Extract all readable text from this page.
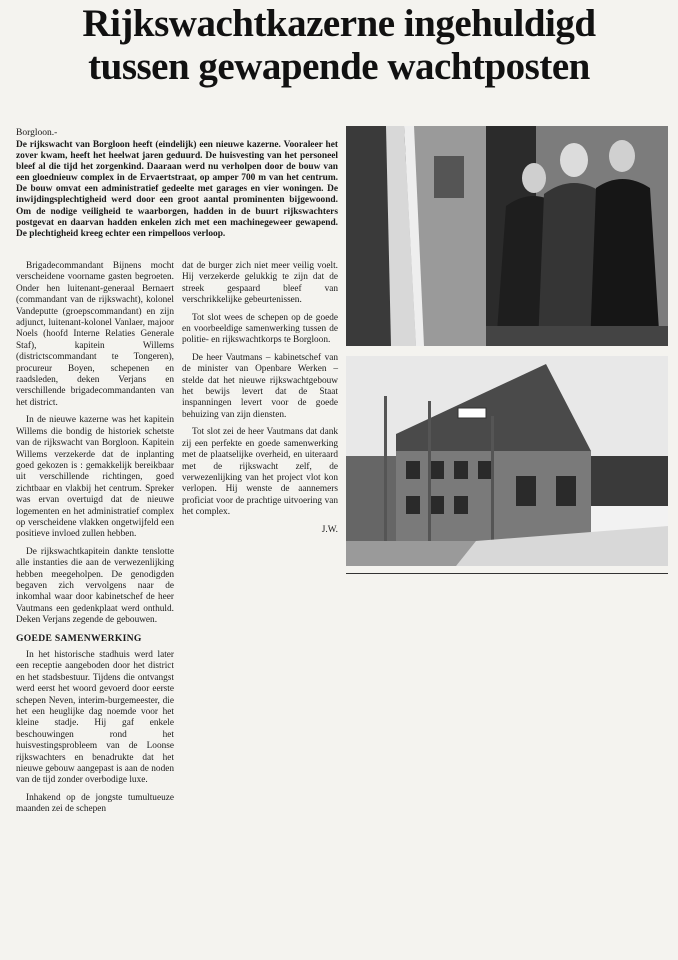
Rijkswachtkazerne ingehuldigd
tussen gewapende wachtposten
Borgloon.-

De rijkswacht van Borgloon heeft (eindelijk) een nieuwe kazerne. Vooraleer het zover kwam, heeft het heelwat jaren geduurd. De huisvesting van het personeel bleef al die tijd het zorgenkind. Daaraan werd nu verholpen door de bouw van een gloednieuw complex in de Ervaertstraat, op amper 700 m van het centrum. De bouw omvat een administratief gedeelte met garages en vier woningen. De inwijdingsplechtigheid werd door een groot aantal prominenten bijgewoond. Om de nodige veiligheid te waarborgen, hadden in de buurt rijkswachters postgevat en daarvan hadden enkelen zich met een machinegeweer gewapend. De plechtigheid kreeg echter een rimpelloos verloop.

Brigadecommandant Bijnens mocht verscheidene voorname gasten begroeten. Onder hen luitenant-generaal Bernaert (commandant van de rijkswacht), kolonel Vandeputte (groepscommandant) en zijn adjunct, luitenant-kolonel Vanlaer, majoor Noels (hoofd Interne Relaties Generale Staf), kapitein Willems (districtscommandant te Tongeren), procureur Boyen, schepenen en raadsleden, deken Verjans en verschillende brigadecommandanten van het district.

In de nieuwe kazerne was het kapitein Willems die bondig de historiek schetste van de rijkswacht van Borgloon. Kapitein Willems verzekerde dat de inplanting goed gekozen is : gemakkelijk bereikbaar uit verschillende richtingen, goed zichtbaar en vlakbij het centrum. Spreker was ervan overtuigd dat de nieuwe logementen en het administratief complex op verscheidene vlakken ongetwijfeld een positieve invloed zullen hebben.

De rijkswachtkapitein dankte tenslotte alle instanties die aan de verwezenlijking hebben meegeholpen. De genodigden begaven zich vervolgens naar de inkomhal waar door kabinetschef de heer Vautmans een gedenkplaat werd onthuld. Deken Verjans zegende de gebouwen.

GOEDE SAMENWERKING

In het historische stadhuis werd later een receptie aangeboden door het district en het stadsbestuur. Tijdens die ontvangst werd eerst het woord gevoerd door eerste schepen Neven, interim-burgemeester, die het een heuglijke dag noemde voor het kleine stadje. Hij gaf enkele beschouwingen rond het huisvestingsprobleem van de Loonse rijkswachters en benadrukte dat het nieuwe gebouw aangepast is aan de noden van de tijd zonder overbodige luxe.

Inhakend op de jongste tumultueuze maanden zei de schepen

dat de burger zich niet meer veilig voelt. Hij verzekerde gelukkig te zijn dat de streek gespaard bleef van verschrikkelijke gebeurtenissen.

Tot slot wees de schepen op de goede en voorbeeldige samenwerking tussen de politie- en rijkswachtkorps te Borgloon.

De heer Vautmans – kabinetschef van de minister van Openbare Werken – stelde dat het nieuwe rijkswachtgebouw het bewijs levert dat de Staat inspanningen levert voor de goede behuizing van zijn diensten.

Tot slot zei de heer Vautmans dat dank zij een perfekte en goede samenwerking met de plaatselijke overheid, en uiteraard met de rijkswacht zelf, de verwezenlijking van het project vlot kon verlopen. Hij wenste de aannemers proficiat voor de prachtige uitvoering van het complex.

J.W.
